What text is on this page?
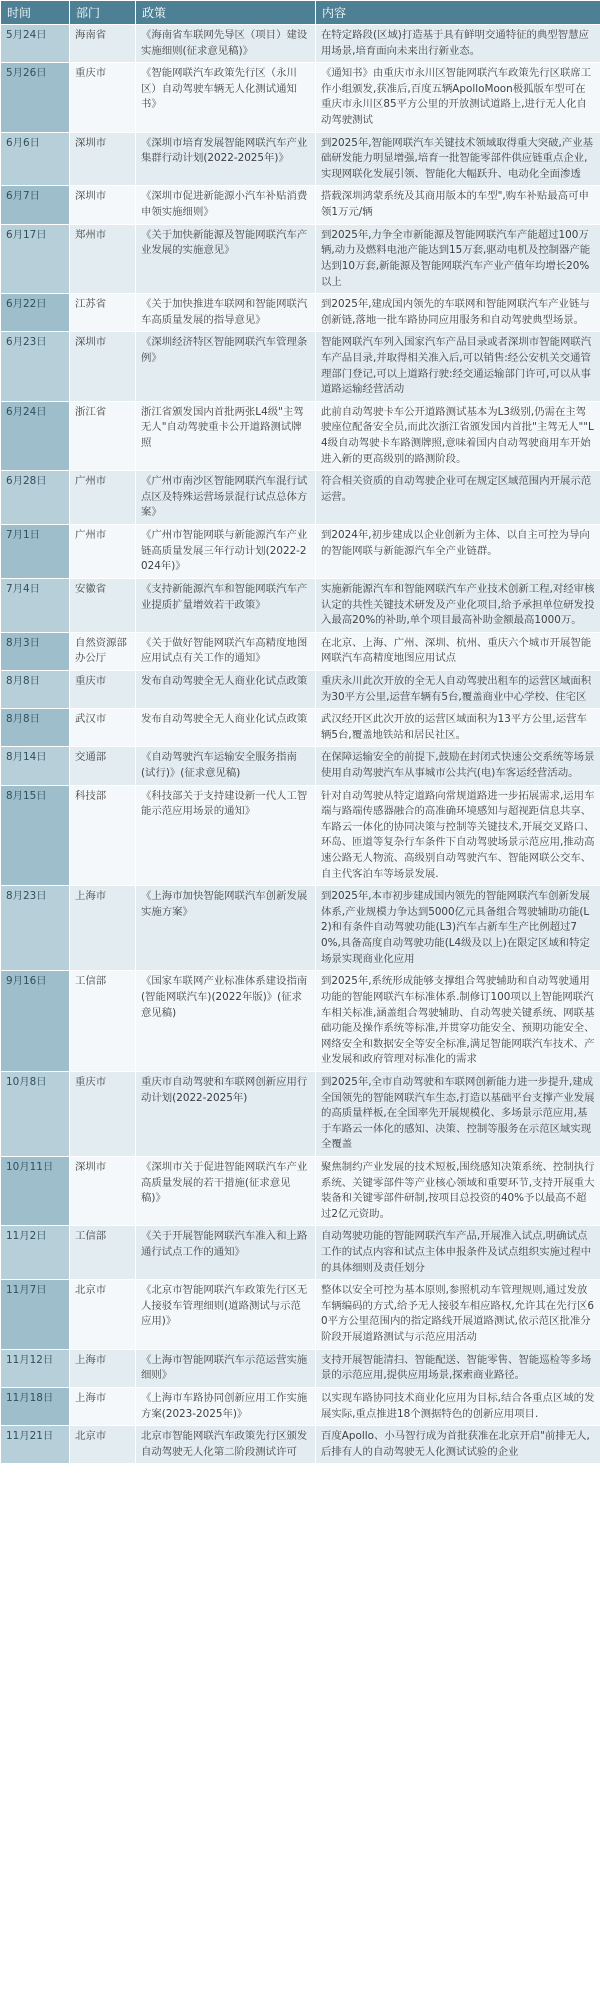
时间	部门	政策	内容
5月24日	海南省	《海南省车联网先导区（项目）建设实施细则(征求意见稿)》	在特定路段(区域)打造基于具有鲜明交通特征的典型智慧应用场景,培育面向未来出行新业态。
5月26日	重庆市	《智能网联汽车政策先行区（永川区）自动驾驶车辆无人化测试通知书》	《通知书》由重庆市永川区智能网联汽车政策先行区联席工作小组颁发,获准后,百度五辆ApolloMoon极狐版车型可在重庆市永川区85平方公里的开放测试道路上,进行无人化自动驾驶测试
6月6日	深圳市	《深圳市培育发展智能网联汽车产业集群行动计划(2022-2025年)》	到2025年,智能网联汽车关键技术领域取得重大突破,产业基础研发能力明显增强,培育一批智能零部件供应链重点企业,实现网联化发展引领、智能化大幅跃升、电动化全面渗透
6月7日	深圳市	《深圳市促进新能源小汽车补贴消费申领实施细则》	搭载深圳鸿蒙系统及其商用版本的车型",购车补贴最高可申领1万元/辆
6月17日	郑州市	《关于加快新能源及智能网联汽车产业发展的实施意见》	到2025年,力争全市新能源及智能网联汽车产能超过100万辆,动力及燃料电池产能达到15万套,驱动电机及控制器产能达到10万套,新能源及智能网联汽车产业产值年均增长20%以上
6月22日	江苏省	《关于加快推进车联网和智能网联汽车高质量发展的指导意见》	到2025年,建成国内领先的车联网和智能网联汽车产业链与创新链,落地一批车路协同应用服务和自动驾驶典型场景。
6月23日	深圳市	《深圳经济特区智能网联汽车管理条例》	智能网联汽车列入国家汽车产品目录或者深圳市智能网联汽车产品目录,并取得相关准入后,可以销售:经公安机关交通管理部门登记,可以上道路行驶:经交通运输部门许可,可以从事道路运输经营活动
6月24日	浙江省	浙江省颁发国内首批两张L4级"主驾无人"自动驾驶重卡公开道路测试牌照	此前自动驾驶卡车公开道路测试基本为L3级别,仍需在主驾驶座位配备安全员,而此次浙江省颁发国内首批"主驾无人""L4级自动驾驶卡车路测牌照,意味着国内自动驾驶商用车开始进入新的更高级别的路测阶段。
6月28日	广州市	《广州市南沙区智能网联汽车混行试点区及特殊运营场景混行试点总体方案》	符合相关资质的自动驾驶企业可在规定区域范围内开展示范运营。
7月1日	广州市	《广州市智能网联与新能源汽车产业链高质量发展三年行动计划(2022-2024年)》	到2024年,初步建成以企业创新为主体、以自主可控为导向的智能网联与新能源汽车全产业链群。
7月4日	安徽省	《支持新能源汽车和智能网联汽车产业提质扩量增效若干政策》	实施新能源汽车和智能网联汽车产业技术创新工程,对经审核认定的共性关键技术研发及产业化项目,给予承担单位研发投入最高20%的补助,单个项目最高补助金额最高1000万。
8月3日	自然资源部办公厅	《关于做好智能网联汽车高精度地图应用试点有关工作的通知》	在北京、上海、广州、深圳、杭州、重庆六个城市开展智能网联汽车高精度地图应用试点
8月8日	重庆市	发布自动驾驶全无人商业化试点政策	重庆永川此次开放的全无人自动驾驶出租车的运营区域面积为30平方公里,运营车辆有5台,覆盖商业中心学校、住宅区
8月8日	武汉市	发布自动驾驶全无人商业化试点政策	武汉经开区此次开放的运营区域面积为13平方公里,运营车辆5台,覆盖地铁站和居民社区。
8月14日	交通部	《自动驾驶汽车运输安全服务指南(试行)》(征求意见稿)	在保障运输安全的前提下,鼓励在封闭式快速公交系统等场景使用自动驾驶汽车从事城市公共汽(电)车客运经营活动。
8月15日	科技部	《科技部关于支持建设新一代人工智能示范应用场景的通知》	针对自动驾驶从特定道路向常规道路进一步拓展需求,运用车端与路端传感器融合的高准确环境感知与超视距信息共享、车路云一体化的协同决策与控制等关键技术,开展交叉路口、环岛、匝道等复杂行车条件下自动驾驶场景示范应用,推动高速公路无人物流、高级别自动驾驶汽车、智能网联公交车、自主代客泊车等场景发展.
8月23日	上海市	《上海市加快智能网联汽车创新发展实施方案》	到2025年,本市初步建成国内领先的智能网联汽车创新发展体系,产业规模力争达到5000亿元具备组合驾驶辅助功能(L2)和有条件自动驾驶功能(L3)汽车占新车生产比例超过70%,具备高度自动驾驶功能(L4级及以上)在限定区域和特定场景实现商业化应用
9月16日	工信部	《国家车联网产业标准体系建设指南(智能网联汽车)(2022年版)》(征求意见稿)	到2025年,系统形成能够支撑组合驾驶辅助和自动驾驶通用功能的智能网联汽车标准体系.制修订100项以上智能网联汽车相关标准,涵盖组合驾驶辅助、自动驾驶关键系统、网联基础功能及操作系统等标准,并贯穿功能安全、预期功能安全、网络安全和数据安全等安全标准,满足智能网联汽车技术、产业发展和政府管理对标准化的需求
10月8日	重庆市	重庆市自动驾驶和车联网创新应用行动计划(2022-2025年)	到2025年,全市自动驾驶和车联网创新能力进一步提升,建成全国领先的智能网联汽车生态,打造以基础平台支撑产业发展的高质量样板,在全国率先开展规模化、多场景示范应用,基于车路云一体化的感知、决策、控制等服务在示范区域实现全覆盖
10月11日	深圳市	《深圳市关于促进智能网联汽车产业高质量发展的若干措施(征求意见稿)》	聚焦制约产业发展的技术短板,围绕感知决策系统、控制执行系统、关键零部件等产业核心领域和重要环节,支持开展重大装备和关键零部件研制,按项目总投资的40%予以最高不超过2亿元资助。
11月2日	工信部	《关于开展智能网联汽车准入和上路通行试点工作的通知》	自动驾驶功能的智能网联汽车产品,开展准入试点,明确试点工作的试点内容和试点主体申报条件及试点组织实施过程中的具体细则及责任划分
11月7日	北京市	《北京市智能网联汽车政策先行区无人接驳车管理细则(道路测试与示范应用)》	整体以安全可控为基本原则,参照机动车管理规则,通过发放车辆编码的方式,给予无人接驳车相应路权,允许其在先行区60平方公里范围内的指定路线开展道路测试,依示范区批准分阶段开展道路测试与示范应用活动
11月12日	上海市	《上海市智能网联汽车示范运营实施细则》	支持开展智能清扫、智能配送、智能零售、智能巡检等多场景的示范应用,提供应用场景,探索商业路径。
11月18日	上海市	《上海市车路协同创新应用工作实施方案(2023-2025年)》	以实现车路协同技术商业化应用为目标,结合各重点区域的发展实际,重点推进18个测据特色的创新应用项目.
11月21日	北京市	北京市智能网联汽车政策先行区颁发自动驾驶无人化第二阶段测试许可	百度Apollo、小马智行成为首批获准在北京开启"前排无人,后排有人的自动驾驶无人化测试试验的企业
